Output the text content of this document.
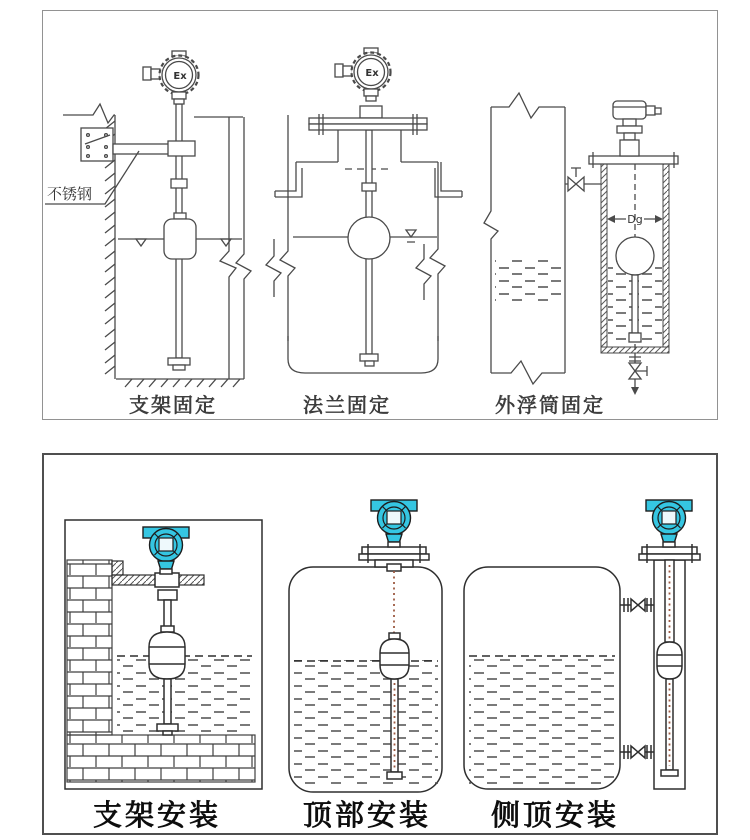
Ex
不锈钢
Ex
Dg
支架固定	法兰固定	外浮筒固定
支架安装	顶部安装	侧顶安装
